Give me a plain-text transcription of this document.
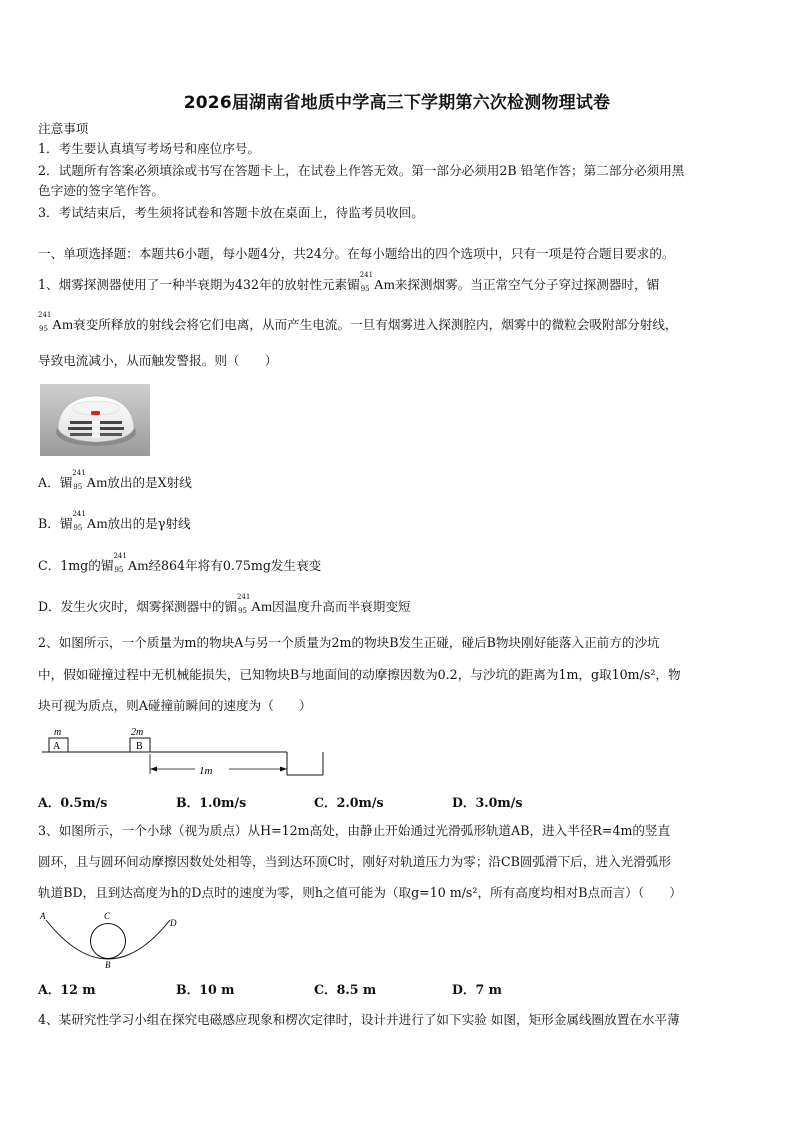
2026届湖南省地质中学高三下学期第六次检测物理试卷
注意事项
1．考生要认真填写考场号和座位序号。
2．试题所有答案必须填涂或书写在答题卡上，在试卷上作答无效。第一部分必须用2B 铅笔作答；第二部分必须用黑
色字迹的签字笔作答。
3．考试结束后，考生须将试卷和答题卡放在桌面上，待监考员收回。
一、单项选择题：本题共6小题，每小题4分，共24分。在每小题给出的四个选项中，只有一项是符合题目要求的。
1、烟雾探测器使用了一种半衰期为432年的放射性元素镅
241
95 Am来探测烟雾。当正常空气分子穿过探测器时，镅
241
95 Am衰变所释放的射线会将它们电离，从而产生电流。一旦有烟雾进入探测腔内，烟雾中的微粒会吸附部分射线，
导致电流减小，从而触发警报。则（　　）
A．镅
241
95 Am放出的是X射线
B．镅
241
95 Am放出的是γ射线
C．1mg的镅
241
95 Am经864年将有0.75mg发生衰变
D．发生火灾时，烟雾探测器中的镅
241
95 Am因温度升高而半衰期变短
2、如图所示，一个质量为m的物块A与另一个质量为2m的物块B发生正碰，碰后B物块刚好能落入正前方的沙坑
中，假如碰撞过程中无机械能损失，已知物块B与地面间的动摩擦因数为0.2，与沙坑的距离为1m，g取10m/s²，物
块可视为质点，则A碰撞前瞬间的速度为（　　）
m
A
2m
B
1m
A．0.5m/s	B．1.0m/s	C．2.0m/s	D．3.0m/s
3、如图所示，一个小球（视为质点）从H=12m高处，由静止开始通过光滑弧形轨道AB，进入半径R=4m的竖直
圆环，且与圆环间动摩擦因数处处相等，当到达环顶C时，刚好对轨道压力为零；沿CB圆弧滑下后，进入光滑弧形
轨道BD，且到达高度为h的D点时的速度为零，则h之值可能为（取g=10 m/s²，所有高度均相对B点而言）（　　）
A
B
C
D
A．12 m	B．10 m	C．8.5 m	D．7 m
4、某研究性学习小组在探究电磁感应现象和楞次定律时，设计并进行了如下实验 如图，矩形金属线圈放置在水平薄
